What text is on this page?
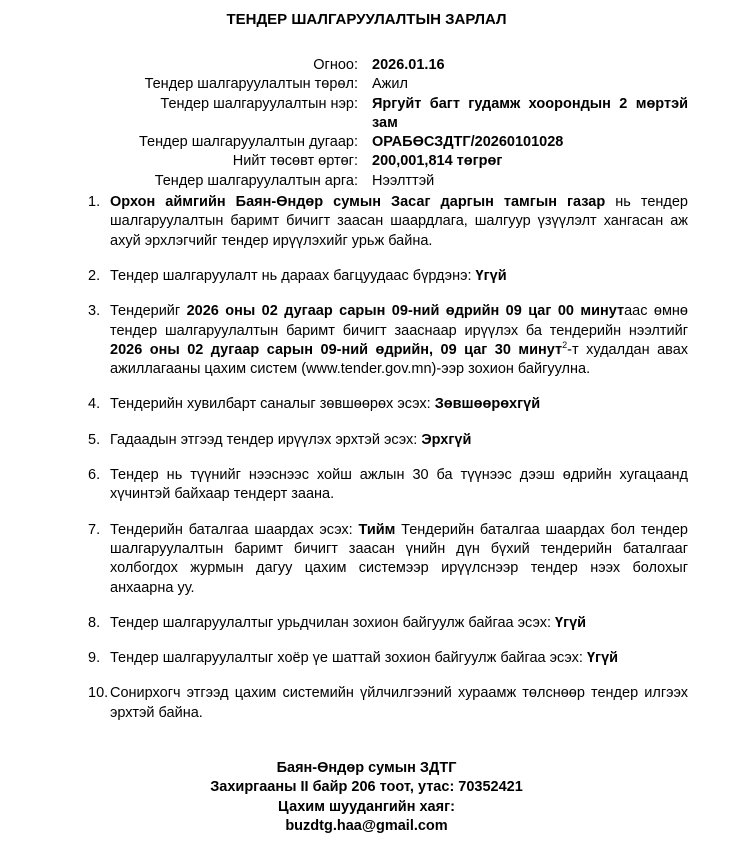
ТЕНДЕР ШАЛГАРУУЛАЛТЫН ЗАРЛАЛ
Огноо: 2026.01.16
Тендер шалгаруулалтын төрөл: Ажил
Тендер шалгаруулалтын нэр: Яргуйт багт гудамж хоорондын 2 мөртэй зам
Тендер шалгаруулалтын дугаар: ОРАБӨСЗДТГ/20260101028
Нийт төсөвт өртөг: 200,001,814 төгрөг
Тендер шалгаруулалтын арга: Нээлттэй
1. Орхон аймгийн Баян-Өндөр сумын Засаг даргын тамгын газар нь тендер шалгаруулалтын баримт бичигт заасан шаардлага, шалгуур үзүүлэлт хангасан аж ахуй эрхлэгчийг тендер ирүүлэхийг урьж байна.
2. Тендер шалгаруулалт нь дараах багцуудаас бүрдэнэ: Үгүй
3. Тендерийг 2026 оны 02 дугаар сарын 09-ний өдрийн 09 цаг 00 минутаас өмнө тендер шалгаруулалтын баримт бичигт зааснаар ирүүлэх ба тендерийн нээлтийг 2026 оны 02 дугаар сарын 09-ний өдрийн, 09 цаг 30 минут$^2$-т худалдан авах ажиллагааны цахим систем (www.tender.gov.mn)-ээр зохион байгуулна.
4. Тендерийн хувилбарт саналыг зөвшөөрөх эсэх: Зөвшөөрөхгүй
5. Гадаадын этгээд тендер ирүүлэх эрхтэй эсэх: Эрхгүй
6. Тендер нь түүнийг нээснээс хойш ажлын 30 ба түүнээс дээш өдрийн хугацаанд хүчинтэй байхаар тендерт заана.
7. Тендерийн баталгаа шаардах эсэх: Тийм Тендерийн баталгаа шаардах бол тендер шалгаруулалтын баримт бичигт заасан үнийн дүн бүхий тендерийн баталгааг холбогдох журмын дагуу цахим системээр ирүүлснээр тендер нээх болохыг анхаарна уу.
8. Тендер шалгаруулалтыг урьдчилан зохион байгуулж байгаа эсэх: Үгүй
9. Тендер шалгаруулалтыг хоёр үе шаттай зохион байгуулж байгаа эсэх: Үгүй
10. Сонирхогч этгээд цахим системийн үйлчилгээний хураамж төлснөөр тендер илгээх эрхтэй байна.
Баян-Өндөр сумын ЗДТГ
Захиргааны II байр 206 тоот, утас: 70352421
Цахим шуудангийн хаяг:
buzdtg.haa@gmail.com
